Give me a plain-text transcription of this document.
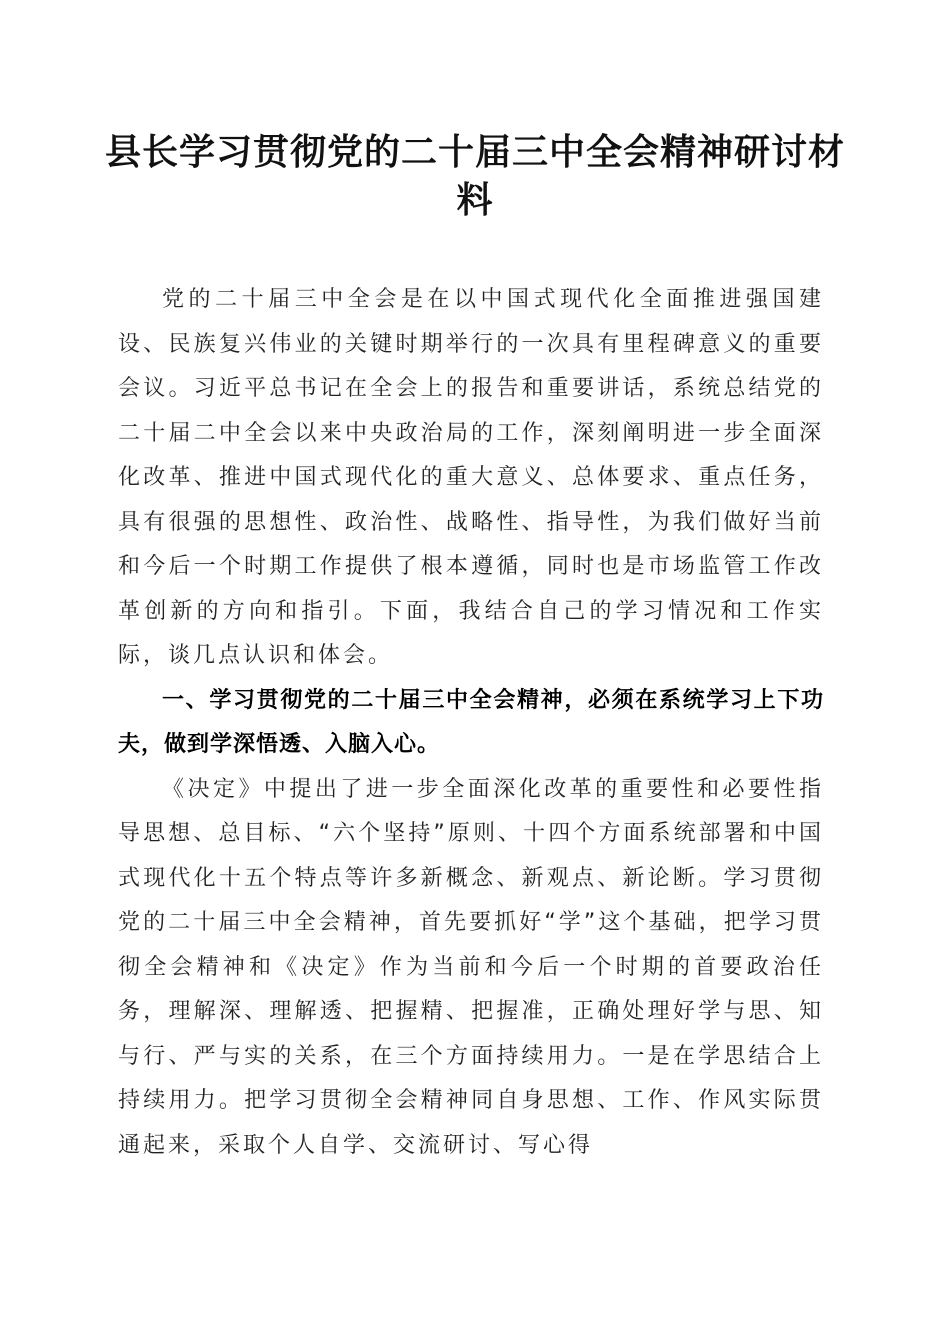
县长学习贯彻党的二十届三中全会精神研讨材料

党的二十届三中全会是在以中国式现代化全面推进强国建设、民族复兴伟业的关键时期举行的一次具有里程碑意义的重要会议。习近平总书记在全会上的报告和重要讲话，系统总结党的二十届二中全会以来中央政治局的工作，深刻阐明进一步全面深化改革、推进中国式现代化的重大意义、总体要求、重点任务，具有很强的思想性、政治性、战略性、指导性，为我们做好当前和今后一个时期工作提供了根本遵循，同时也是市场监管工作改革创新的方向和指引。下面，我结合自己的学习情况和工作实际，谈几点认识和体会。

一、学习贯彻党的二十届三中全会精神，必须在系统学习上下功夫，做到学深悟透、入脑入心。

《决定》中提出了进一步全面深化改革的重要性和必要性指导思想、总目标、“六个坚持”原则、十四个方面系统部署和中国式现代化十五个特点等许多新概念、新观点、新论断。学习贯彻党的二十届三中全会精神，首先要抓好“学”这个基础，把学习贯彻全会精神和《决定》作为当前和今后一个时期的首要政治任务，理解深、理解透、把握精、把握准，正确处理好学与思、知与行、严与实的关系，在三个方面持续用力。一是在学思结合上持续用力。把学习贯彻全会精神同自身思想、工作、作风实际贯通起来，采取个人自学、交流研讨、写心得
